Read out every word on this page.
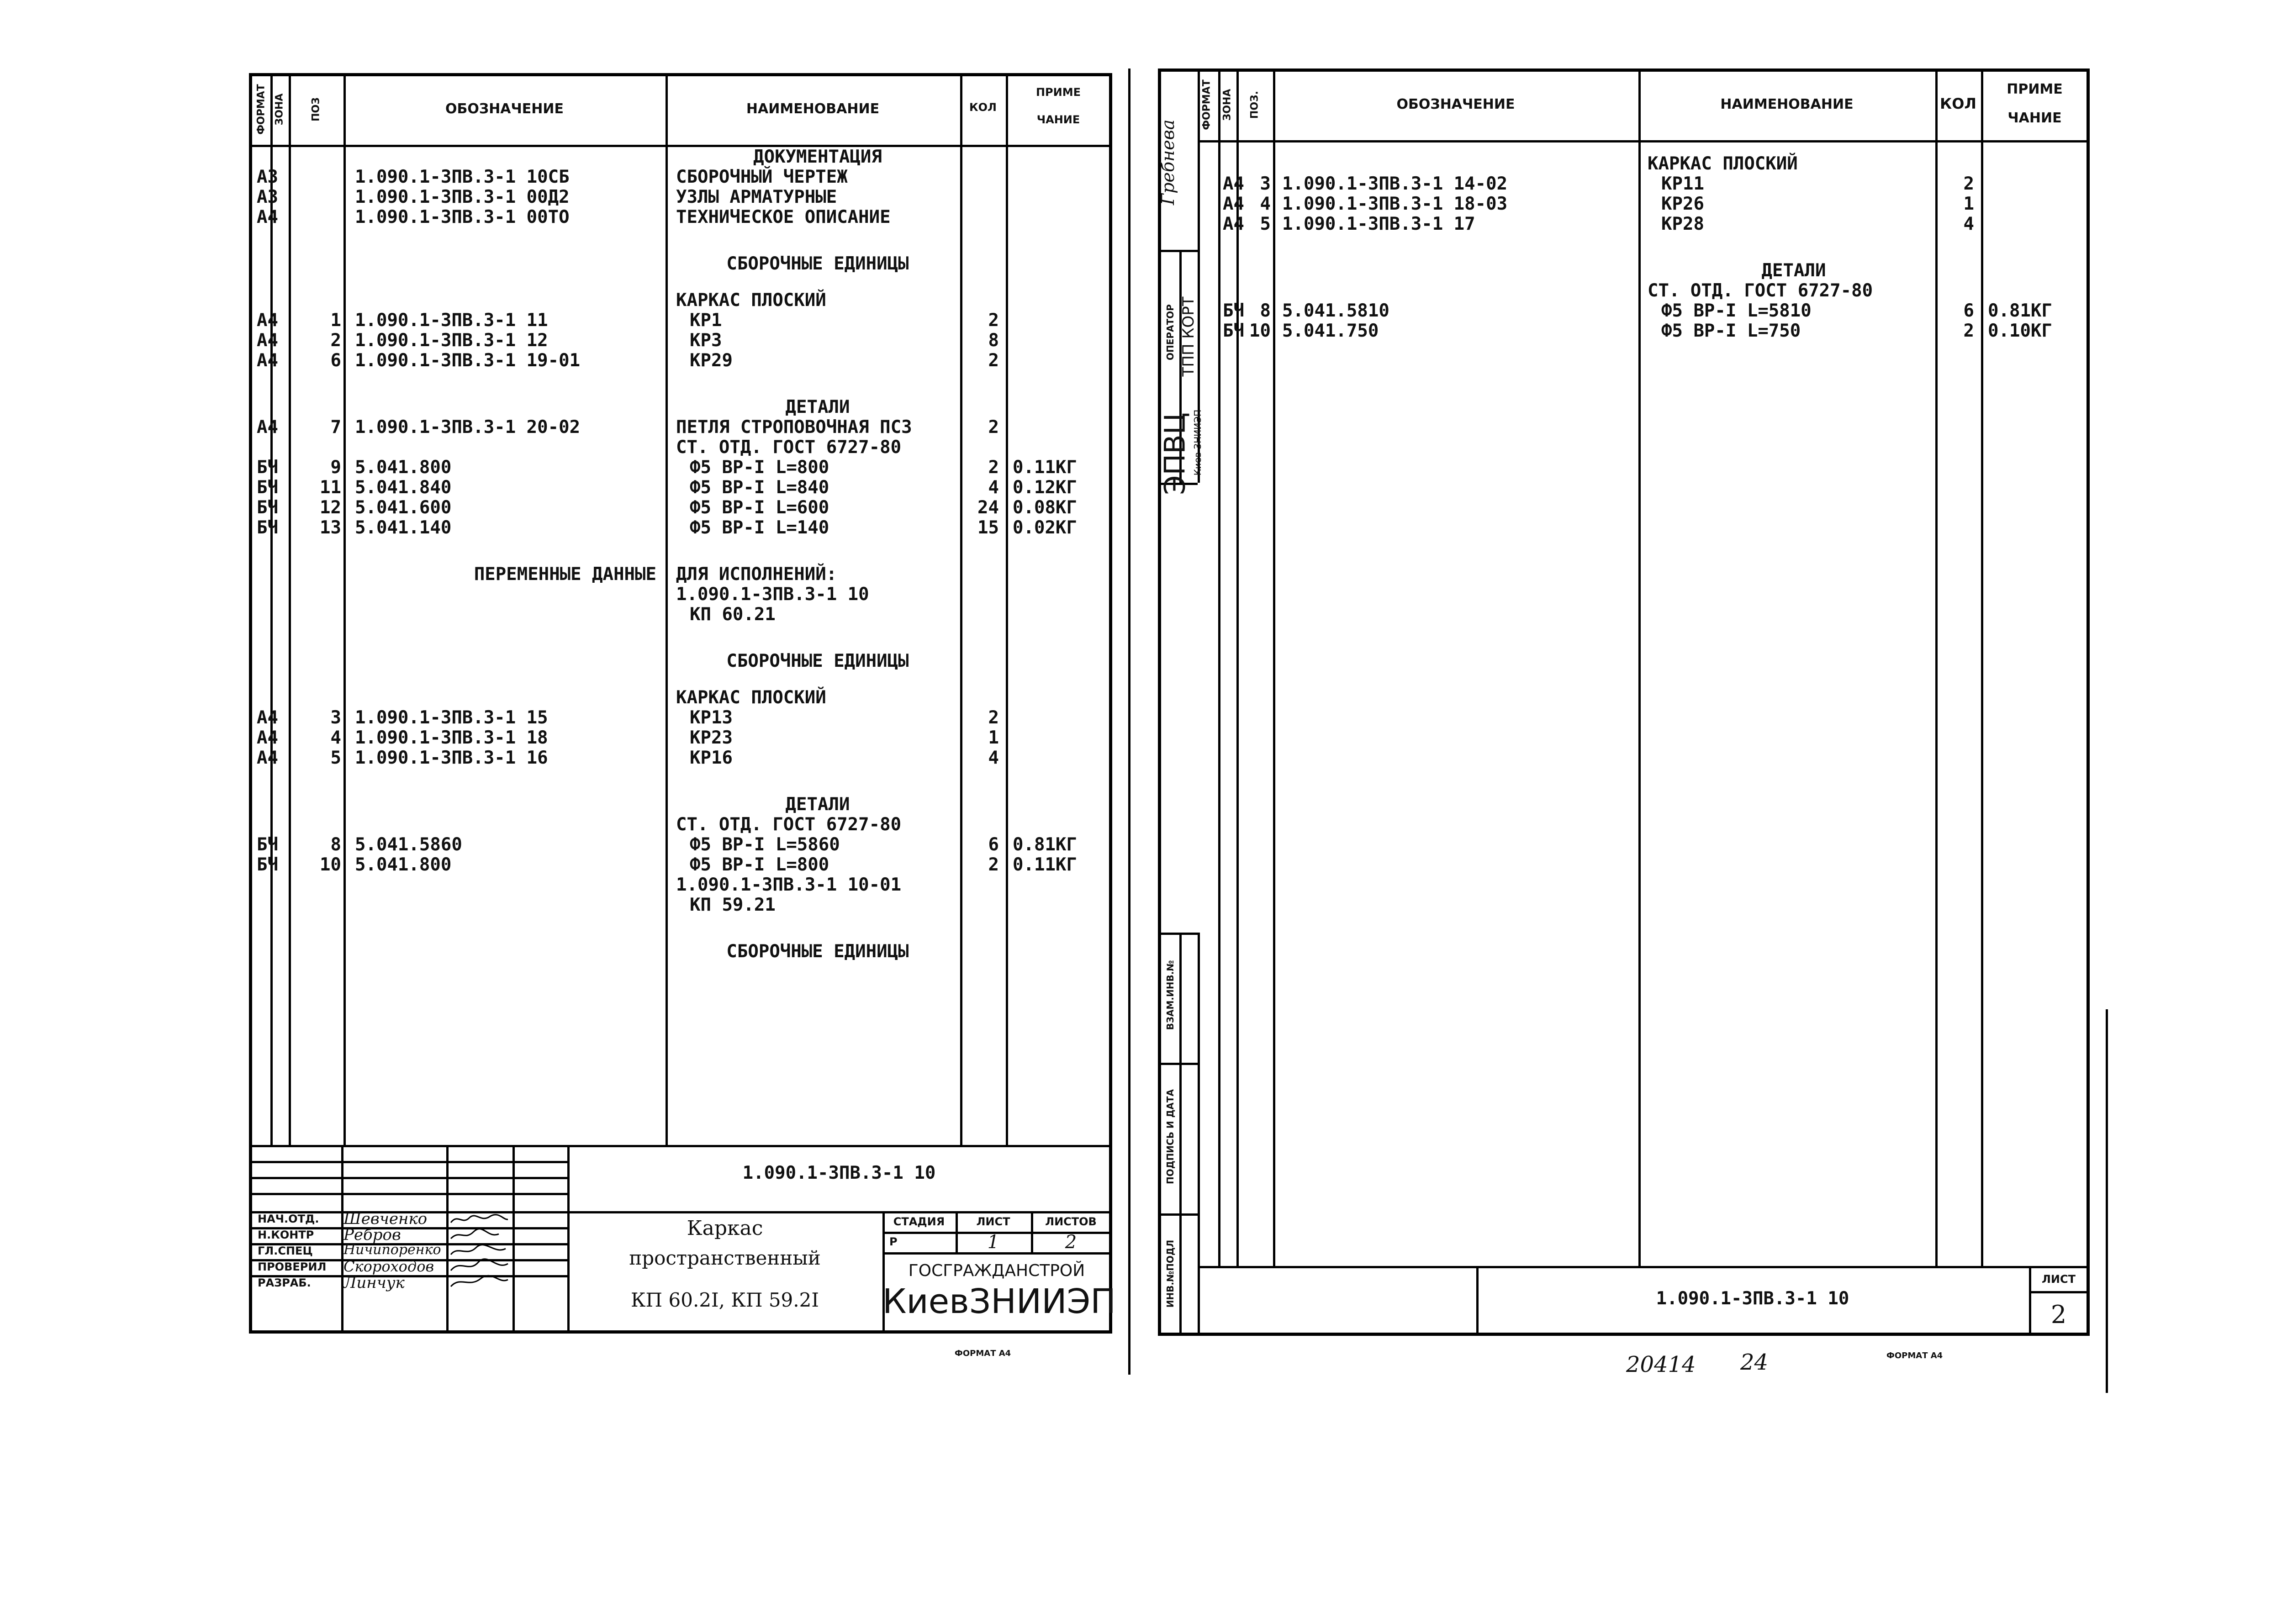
ФОРМАТ ЗОНА	ПОЗ	ОБОЗНАЧЕНИЕ	НАИМЕНОВАНИЕ	КОЛ
ПРИМЕ
ЧАНИЕ
ДОКУМЕНТАЦИЯ
А3	1.090.1-3ПВ.3-1 10СБ	СБОРОЧНЫЙ ЧЕРТЕЖ
А3	1.090.1-3ПВ.3-1 00Д2	УЗЛЫ АРМАТУРНЫЕ
А4	1.090.1-3ПВ.3-1 00ТО	ТЕХНИЧЕСКОЕ ОПИСАНИЕ
СБОРОЧНЫЕ ЕДИНИЦЫ
КАРКАС ПЛОСКИЙ
А4	1 1.090.1-3ПВ.3-1 11	КР1	2
А4	2 1.090.1-3ПВ.3-1 12	КР3	8
А4	6 1.090.1-3ПВ.3-1 19-01	КР29	2
ДЕТАЛИ
А4	7 1.090.1-3ПВ.3-1 20-02	ПЕТЛЯ СТРОПОВОЧНАЯ ПС3	2
СТ. ОТД. ГОСТ 6727-80
БЧ	9 5.041.800	Ф5 ВР-I L=800	2 0.11КГ
БЧ	11 5.041.840	Ф5 ВР-I L=840	4 0.12КГ
БЧ	12 5.041.600	Ф5 ВР-I L=600	24 0.08КГ
БЧ	13 5.041.140	Ф5 ВР-I L=140	15 0.02КГ
ПЕРЕМЕННЫЕ ДАННЫЕ ДЛЯ ИСПОЛНЕНИЙ:
1.090.1-3ПВ.3-1 10
КП 60.21
СБОРОЧНЫЕ ЕДИНИЦЫ
КАРКАС ПЛОСКИЙ
А4	3 1.090.1-3ПВ.3-1 15	КР13	2
А4	4 1.090.1-3ПВ.3-1 18	КР23	1
А4	5 1.090.1-3ПВ.3-1 16	КР16	4
ДЕТАЛИ
СТ. ОТД. ГОСТ 6727-80
БЧ	8 5.041.5860	Ф5 ВР-I L=5860	6 0.81КГ
БЧ	10 5.041.800	Ф5 ВР-I L=800	2 0.11КГ
1.090.1-3ПВ.3-1 10-01
КП 59.21
СБОРОЧНЫЕ ЕДИНИЦЫ
1.090.1-3ПВ.3-1 10
НАЧ.ОТД.
Н.КОНТР
ГЛ.СПЕЦ
ПРОВЕРИЛ
РАЗРАБ.
Шевченко
Ребров
Ничипоренко
Скороходов
Линчук
Каркас
пространственный
КП 60.2I, КП 59.2I
СТАДИЯ	ЛИСТ	ЛИСТОВ
Р	1	2
ГОСГРАЖДАНСТРОЙ
КиевЗНИИЭП
ФОРМАТ А4
Гребнева
ОПЕРАТОР ТПП КОРТ
ЭПВЦ Киев ЗНИИЭП
ВЗАМ.ИНВ.№
ПОДПИСЬ И ДАТА
ИНВ.№ПОДЛ
ФОРМАТ ЗОНА ПОЗ.	ОБОЗНАЧЕНИЕ	НАИМЕНОВАНИЕ	КОЛ
ПРИМЕ
ЧАНИЕ
КАРКАС ПЛОСКИЙ
А4 3 1.090.1-3ПВ.3-1 14-02	КР11	2
А4 4 1.090.1-3ПВ.3-1 18-03	КР26	1
А4 5 1.090.1-3ПВ.3-1 17	КР28	4
ДЕТАЛИ
СТ. ОТД. ГОСТ 6727-80
БЧ 8 5.041.5810	Ф5 ВР-I L=5810	6 0.81КГ
БЧ 10 5.041.750	Ф5 ВР-I L=750	2 0.10КГ
1.090.1-3ПВ.3-1 10
ЛИСТ
2
20414 24	ФОРМАТ А4
